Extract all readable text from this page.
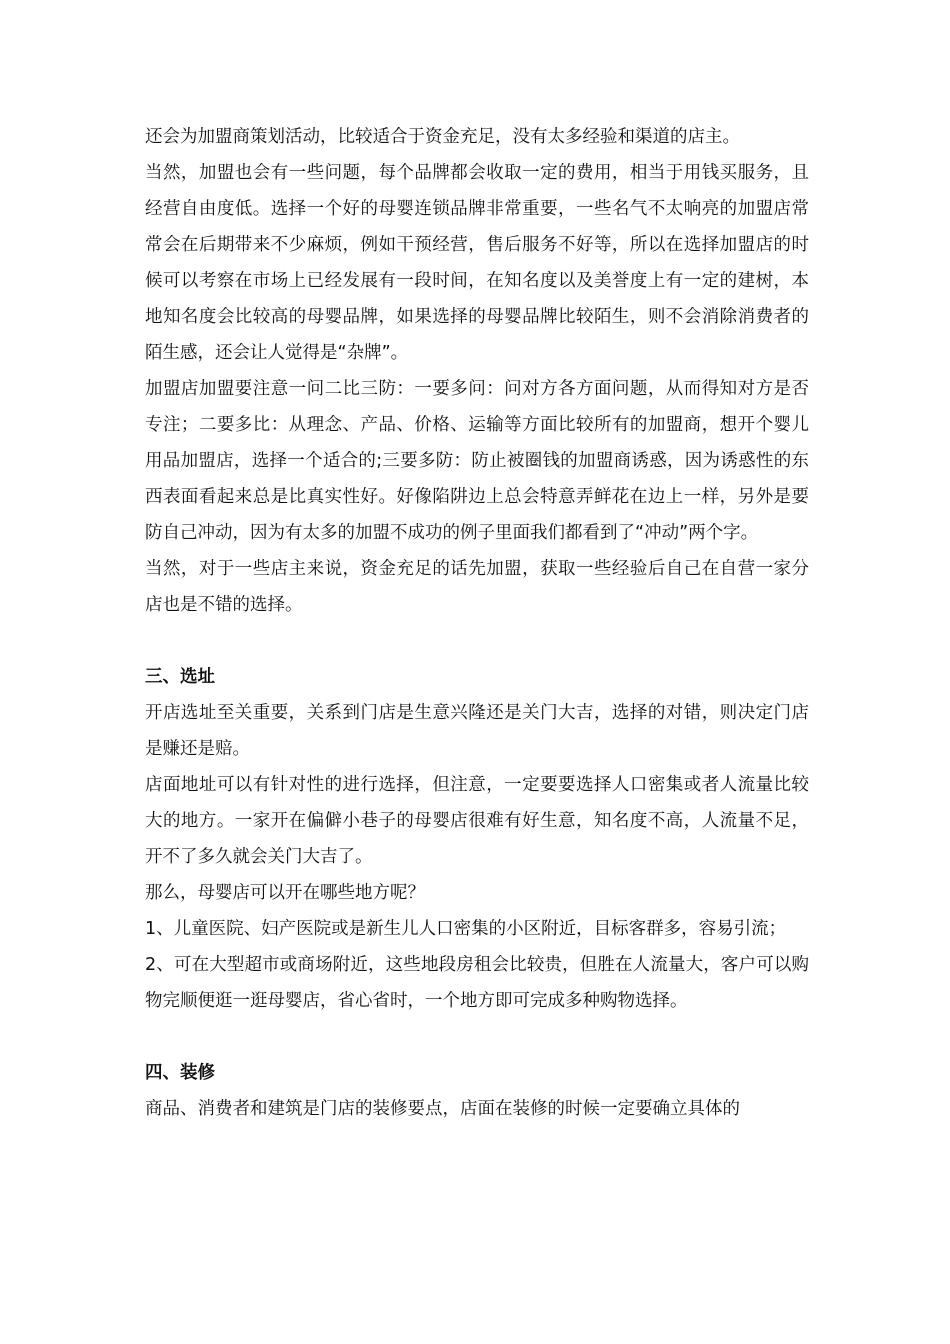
还会为加盟商策划活动，比较适合于资金充足，没有太多经验和渠道的店主。

当然，加盟也会有一些问题，每个品牌都会收取一定的费用，相当于用钱买服务，且经营自由度低。选择一个好的母婴连锁品牌非常重要，一些名气不太响亮的加盟店常常会在后期带来不少麻烦，例如干预经营，售后服务不好等，所以在选择加盟店的时候可以考察在市场上已经发展有一段时间，在知名度以及美誉度上有一定的建树，本地知名度会比较高的母婴品牌，如果选择的母婴品牌比较陌生，则不会消除消费者的陌生感，还会让人觉得是“杂牌”。

加盟店加盟要注意一问二比三防：一要多问：问对方各方面问题，从而得知对方是否专注；二要多比：从理念、产品、价格、运输等方面比较所有的加盟商，想开个婴儿用品加盟店，选择一个适合的;三要多防：防止被圈钱的加盟商诱惑，因为诱惑性的东西表面看起来总是比真实性好。好像陷阱边上总会特意弄鲜花在边上一样，另外是要防自己冲动，因为有太多的加盟不成功的例子里面我们都看到了“冲动”两个字。

当然，对于一些店主来说，资金充足的话先加盟，获取一些经验后自己在自营一家分店也是不错的选择。

三、选址

开店选址至关重要，关系到门店是生意兴隆还是关门大吉，选择的对错，则决定门店是赚还是赔。

店面地址可以有针对性的进行选择，但注意，一定要要选择人口密集或者人流量比较大的地方。一家开在偏僻小巷子的母婴店很难有好生意，知名度不高，人流量不足，开不了多久就会关门大吉了。

那么，母婴店可以开在哪些地方呢？

1、儿童医院、妇产医院或是新生儿人口密集的小区附近，目标客群多，容易引流；

2、可在大型超市或商场附近，这些地段房租会比较贵，但胜在人流量大，客户可以购物完顺便逛一逛母婴店，省心省时，一个地方即可完成多种购物选择。

四、装修

商品、消费者和建筑是门店的装修要点，店面在装修的时候一定要确立具体的
